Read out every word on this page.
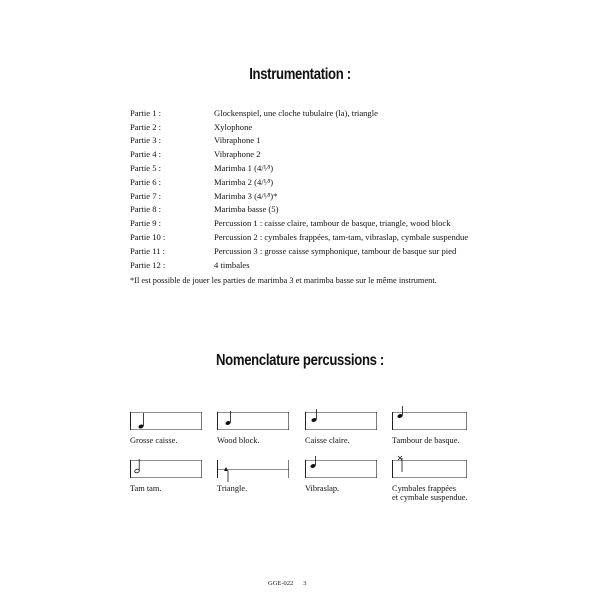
Instrumentation :
Partie 1 :	Glockenspiel, une cloche tubulaire (la), triangle
Partie 2 :	Xylophone
Partie 3 :	Vibraphone 1
Partie 4 :	Vibraphone 2
Partie 5 :	Marimba 1 (4/¹⁄³)
Partie 6 :	Marimba 2 (4/¹⁄³)
Partie 7 :	Marimba 3 (4/¹⁄³)*
Partie 8 :	Marimba basse (5)
Partie 9 :	Percussion 1 : caisse claire, tambour de basque, triangle, wood block
Partie 10 :	Percussion 2 : cymbales frappées, tam-tam, vibraslap, cymbale suspendue
Partie 11 :	Percussion 3 : grosse caisse symphonique, tambour de basque sur pied
Partie 12 :	4 timbales
*Il est possible de jouer les parties de marimba 3 et marimba basse sur le même instrument.
Nomenclature percussions :
Grosse caisse.	Wood block.	Caisse claire.	Tambour de basque.
Tam tam.	Triangle.	Vibraslap.	Cymbales frappées
et cymbale suspendue.
GGE-022 3
